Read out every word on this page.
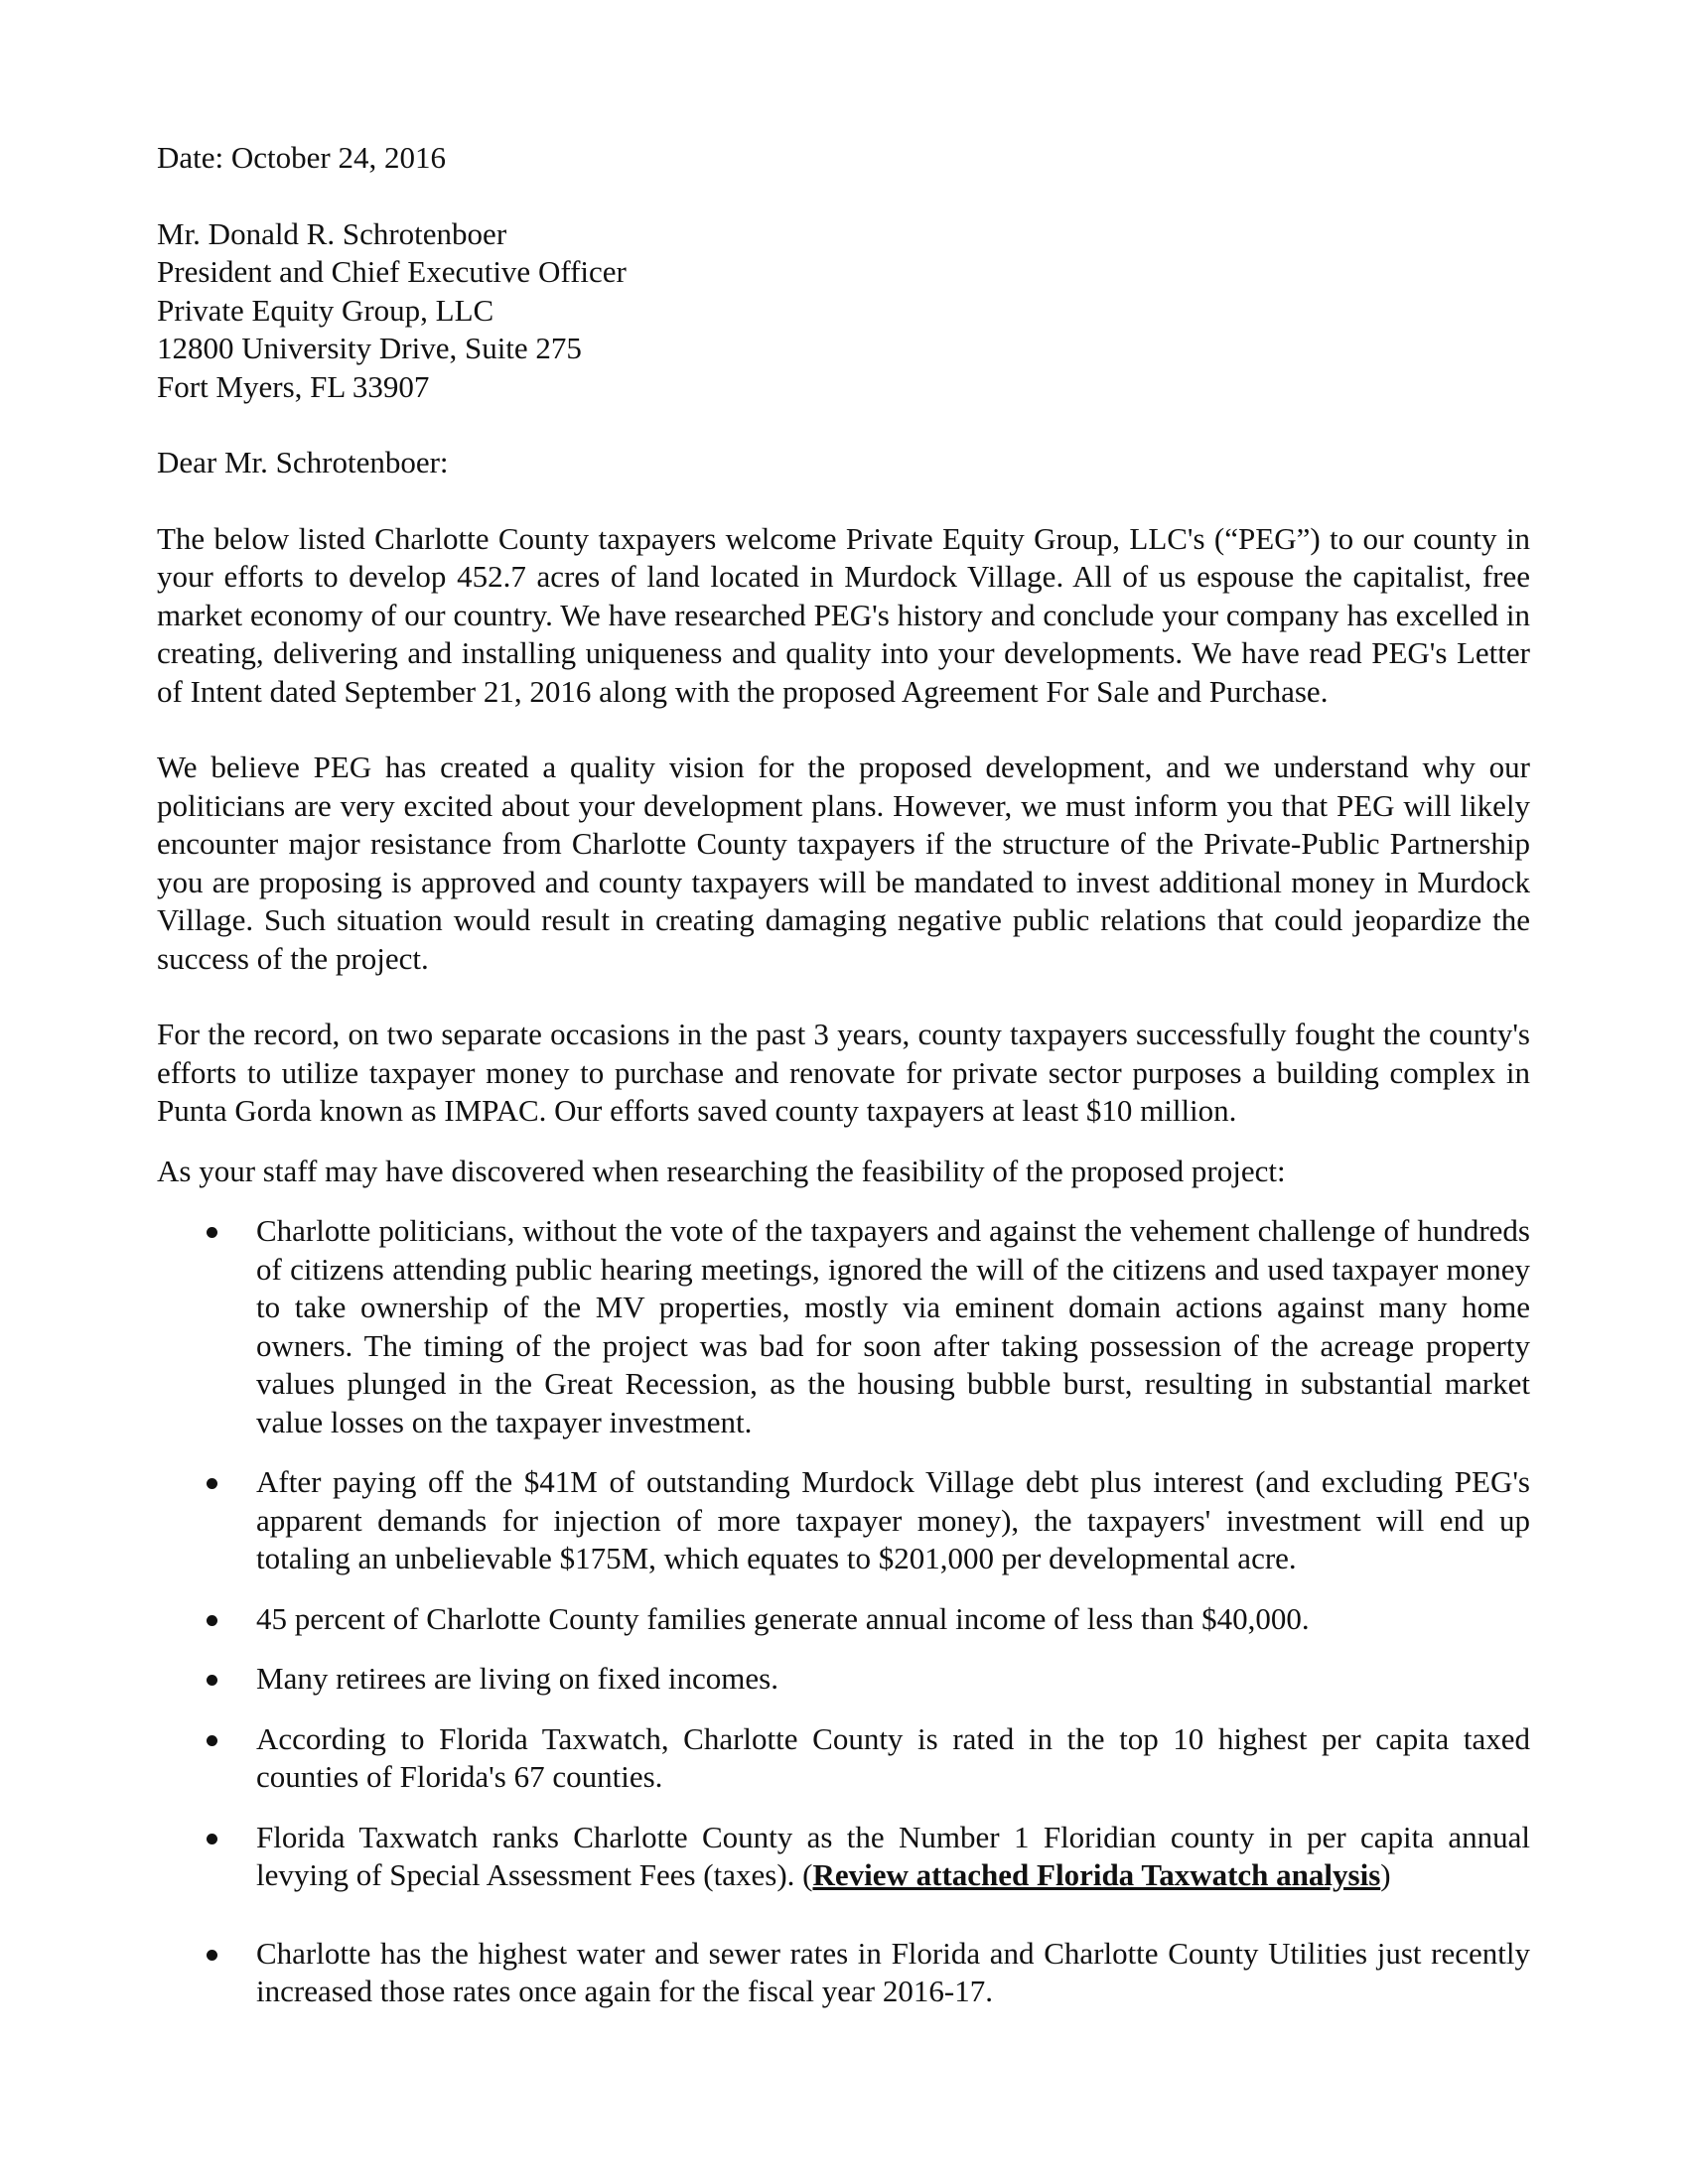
Date: October 24, 2016

Mr. Donald R. Schrotenboer
President and Chief Executive Officer
Private Equity Group, LLC
12800 University Drive, Suite 275
Fort Myers, FL 33907

Dear Mr. Schrotenboer:

The below listed Charlotte County taxpayers welcome Private Equity Group, LLC's (“PEG”) to our county in your efforts to develop 452.7 acres of land located in Murdock Village. All of us espouse the capitalist, free market economy of our country. We have researched PEG's history and conclude your company has excelled in creating, delivering and installing uniqueness and quality into your developments. We have read PEG's Letter of Intent dated September 21, 2016 along with the proposed Agreement For Sale and Purchase.

We believe PEG has created a quality vision for the proposed development, and we understand why our politicians are very excited about your development plans. However, we must inform you that PEG will likely encounter major resistance from Charlotte County taxpayers if the structure of the Private-Public Partnership you are proposing is approved and county taxpayers will be mandated to invest additional money in Murdock Village. Such situation would result in creating damaging negative public relations that could jeopardize the success of the project.

For the record, on two separate occasions in the past 3 years, county taxpayers successfully fought the county's efforts to utilize taxpayer money to purchase and renovate for private sector purposes a building complex in Punta Gorda known as IMPAC. Our efforts saved county taxpayers at least $10 million.

As your staff may have discovered when researching the feasibility of the proposed project:

Charlotte politicians, without the vote of the taxpayers and against the vehement challenge of hundreds of citizens attending public hearing meetings, ignored the will of the citizens and used taxpayer money to take ownership of the MV properties, mostly via eminent domain actions against many home owners. The timing of the project was bad for soon after taking possession of the acreage property values plunged in the Great Recession, as the housing bubble burst, resulting in substantial market value losses on the taxpayer investment.
After paying off the $41M of outstanding Murdock Village debt plus interest (and excluding PEG's apparent demands for injection of more taxpayer money), the taxpayers' investment will end up totaling an unbelievable $175M, which equates to $201,000 per developmental acre.
45 percent of Charlotte County families generate annual income of less than $40,000.
Many retirees are living on fixed incomes.
According to Florida Taxwatch, Charlotte County is rated in the top 10 highest per capita taxed counties of Florida's 67 counties.
Florida Taxwatch ranks Charlotte County as the Number 1 Floridian county in per capita annual levying of Special Assessment Fees (taxes). (Review attached Florida Taxwatch analysis)
Charlotte has the highest water and sewer rates in Florida and Charlotte County Utilities just recently increased those rates once again for the fiscal year 2016-17.
